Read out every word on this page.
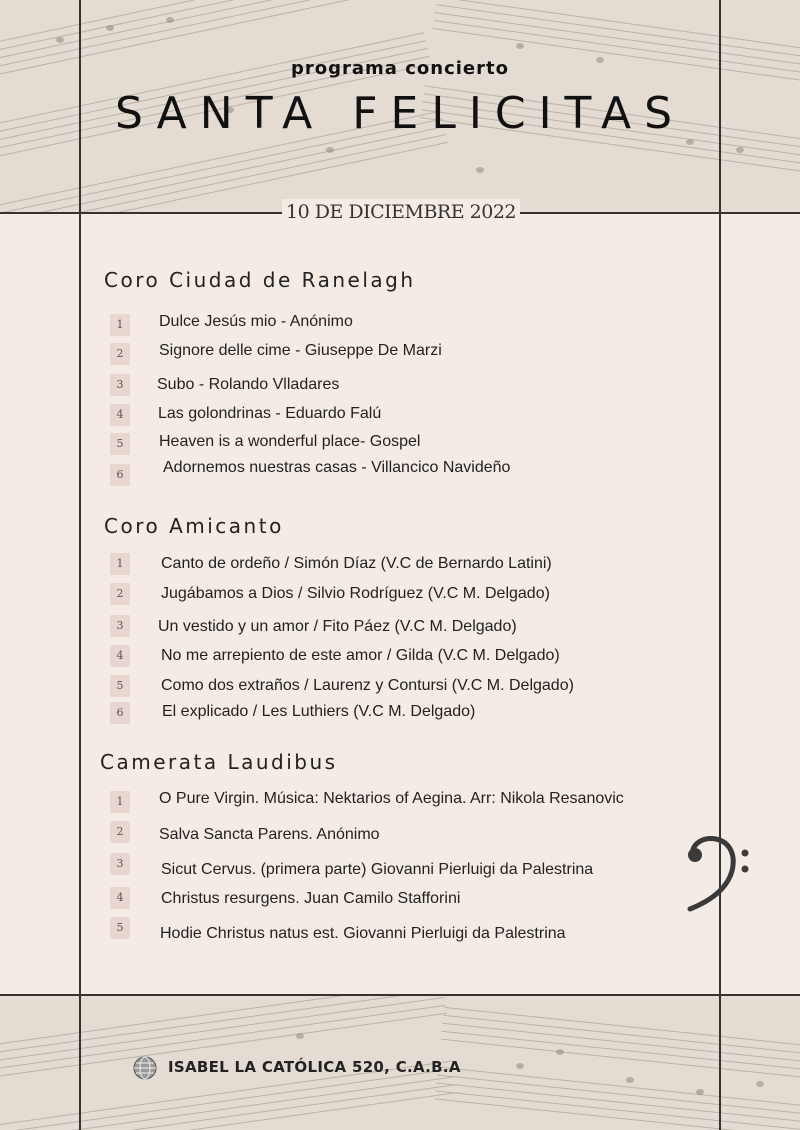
programa concierto
SANTA FELICITAS
10 DE DICIEMBRE 2022
Coro Ciudad de Ranelagh
1	Dulce Jesús mio - Anónimo
2	Signore delle cime - Giuseppe De Marzi
3	Subo - Rolando Vlladares
4	Las golondrinas - Eduardo Falú
5	Heaven is a wonderful place- Gospel
6	Adornemos nuestras casas - Villancico Navideño
Coro Amicanto
1	Canto de ordeño / Simón Díaz (V.C de Bernardo Latini)
2	Jugábamos a Dios / Silvio Rodríguez (V.C M. Delgado)
3	Un vestido y un amor / Fito Páez (V.C M. Delgado)
4	No me arrepiento de este amor / Gilda (V.C M. Delgado)
5	Como dos extraños / Laurenz y Contursi (V.C M. Delgado)
6	El explicado / Les Luthiers (V.C M. Delgado)
Camerata Laudibus
1	O Pure Virgin. Música: Nektarios of Aegina. Arr: Nikola Resanovic
2	Salva Sancta Parens. Anónimo
3	Sicut Cervus. (primera parte) Giovanni Pierluigi da Palestrina
4	Christus resurgens. Juan Camilo Stafforini
5	Hodie Christus natus est. Giovanni Pierluigi da Palestrina
ISABEL LA CATÓLICA 520, C.A.B.A
